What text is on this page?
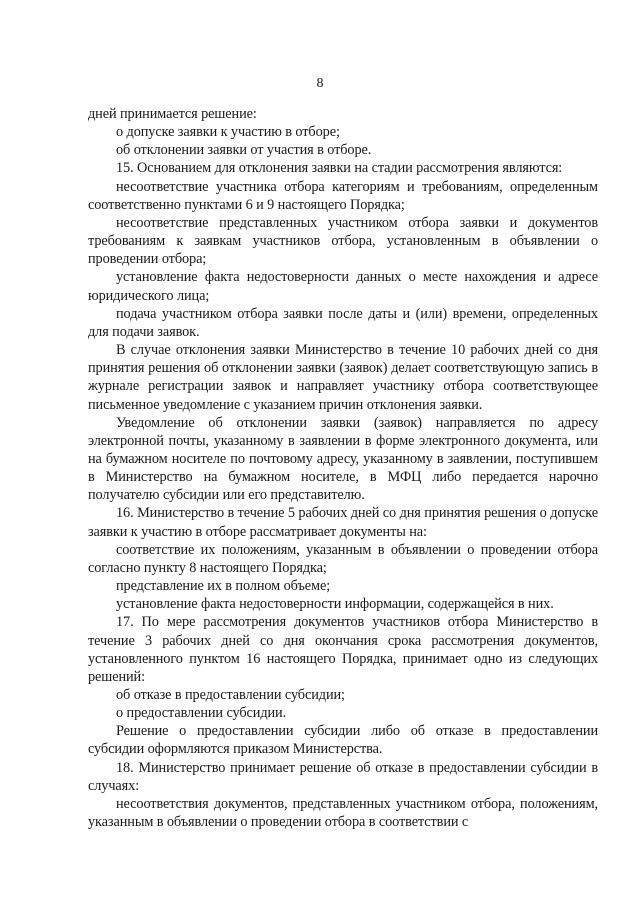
8

дней принимается решение:

о допуске заявки к участию в отборе;

об отклонении заявки от участия в отборе.

15. Основанием для отклонения заявки на стадии рассмотрения являются:

несоответствие участника отбора категориям и требованиям, определенным соответственно пунктами 6 и 9 настоящего Порядка;

несоответствие представленных участником отбора заявки и документов требованиям к заявкам участников отбора, установленным в объявлении о проведении отбора;

установление факта недостоверности данных о месте нахождения и адресе юридического лица;

подача участником отбора заявки после даты и (или) времени, определенных для подачи заявок.

В случае отклонения заявки Министерство в течение 10 рабочих дней со дня принятия решения об отклонении заявки (заявок) делает соответствующую запись в журнале регистрации заявок и направляет участнику отбора соответствующее письменное уведомление с указанием причин отклонения заявки.

Уведомление об отклонении заявки (заявок) направляется по адресу электронной почты, указанному в заявлении в форме электронного документа, или на бумажном носителе по почтовому адресу, указанному в заявлении, поступившем в Министерство на бумажном носителе, в МФЦ либо передается нарочно получателю субсидии или его представителю.

16. Министерство в течение 5 рабочих дней со дня принятия решения о допуске заявки к участию в отборе рассматривает документы на:

соответствие их положениям, указанным в объявлении о проведении отбора согласно пункту 8 настоящего Порядка;

представление их в полном объеме;

установление факта недостоверности информации, содержащейся в них.

17. По мере рассмотрения документов участников отбора Министерство в течение 3 рабочих дней со дня окончания срока рассмотрения документов, установленного пунктом 16 настоящего Порядка, принимает одно из следующих решений:

об отказе в предоставлении субсидии;

о предоставлении субсидии.

Решение о предоставлении субсидии либо об отказе в предоставлении субсидии оформляются приказом Министерства.

18. Министерство принимает решение об отказе в предоставлении субсидии в случаях:

несоответствия документов, представленных участником отбора, положениям, указанным в объявлении о проведении отбора в соответствии с
